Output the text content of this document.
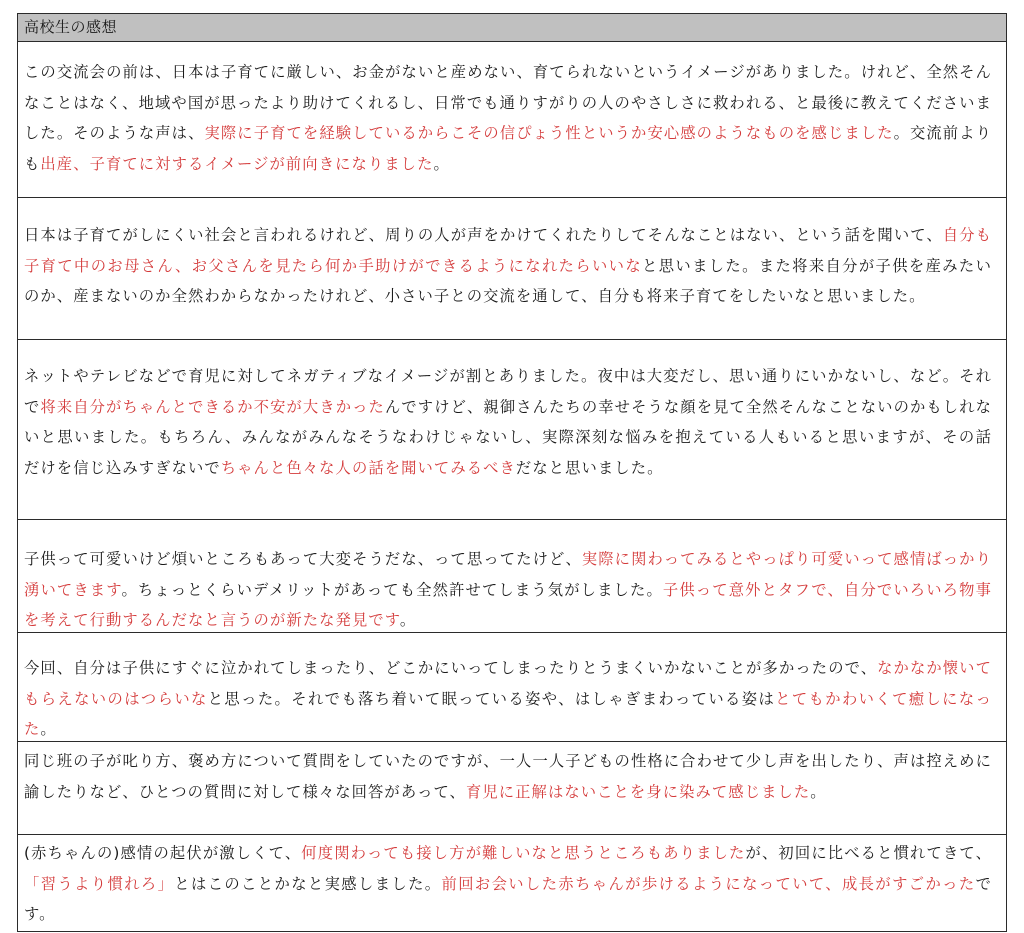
高校生の感想

この交流会の前は、日本は子育てに厳しい、お金がないと産めない、育てられないというイメージがありました。けれど、全然そんなことはなく、地域や国が思ったより助けてくれるし、日常でも通りすがりの人のやさしさに救われる、と最後に教えてくださいました。そのような声は、実際に子育てを経験しているからこその信ぴょう性というか安心感のようなものを感じました。交流前よりも出産、子育てに対するイメージが前向きになりました。

日本は子育てがしにくい社会と言われるけれど、周りの人が声をかけてくれたりしてそんなことはない、という話を聞いて、自分も子育て中のお母さん、お父さんを見たら何か手助けができるようになれたらいいなと思いました。また将来自分が子供を産みたいのか、産まないのか全然わからなかったけれど、小さい子との交流を通して、自分も将来子育てをしたいなと思いました。

ネットやテレビなどで育児に対してネガティブなイメージが割とありました。夜中は大変だし、思い通りにいかないし、など。それで将来自分がちゃんとできるか不安が大きかったんですけど、親御さんたちの幸せそうな顔を見て全然そんなことないのかもしれないと思いました。もちろん、みんながみんなそうなわけじゃないし、実際深刻な悩みを抱えている人もいると思いますが、その話だけを信じ込みすぎないでちゃんと色々な人の話を聞いてみるべきだなと思いました。

子供って可愛いけど煩いところもあって大変そうだな、って思ってたけど、実際に関わってみるとやっぱり可愛いって感情ばっかり湧いてきます。ちょっとくらいデメリットがあっても全然許せてしまう気がしました。子供って意外とタフで、自分でいろいろ物事を考えて行動するんだなと言うのが新たな発見です。

今回、自分は子供にすぐに泣かれてしまったり、どこかにいってしまったりとうまくいかないことが多かったので、なかなか懐いてもらえないのはつらいなと思った。それでも落ち着いて眠っている姿や、はしゃぎまわっている姿はとてもかわいくて癒しになった。

同じ班の子が叱り方、褒め方について質問をしていたのですが、一人一人子どもの性格に合わせて少し声を出したり、声は控えめに諭したりなど、ひとつの質問に対して様々な回答があって、育児に正解はないことを身に染みて感じました。

(赤ちゃんの)感情の起伏が激しくて、何度関わっても接し方が難しいなと思うところもありましたが、初回に比べると慣れてきて、「習うより慣れろ」とはこのことかなと実感しました。前回お会いした赤ちゃんが歩けるようになっていて、成長がすごかったです。
